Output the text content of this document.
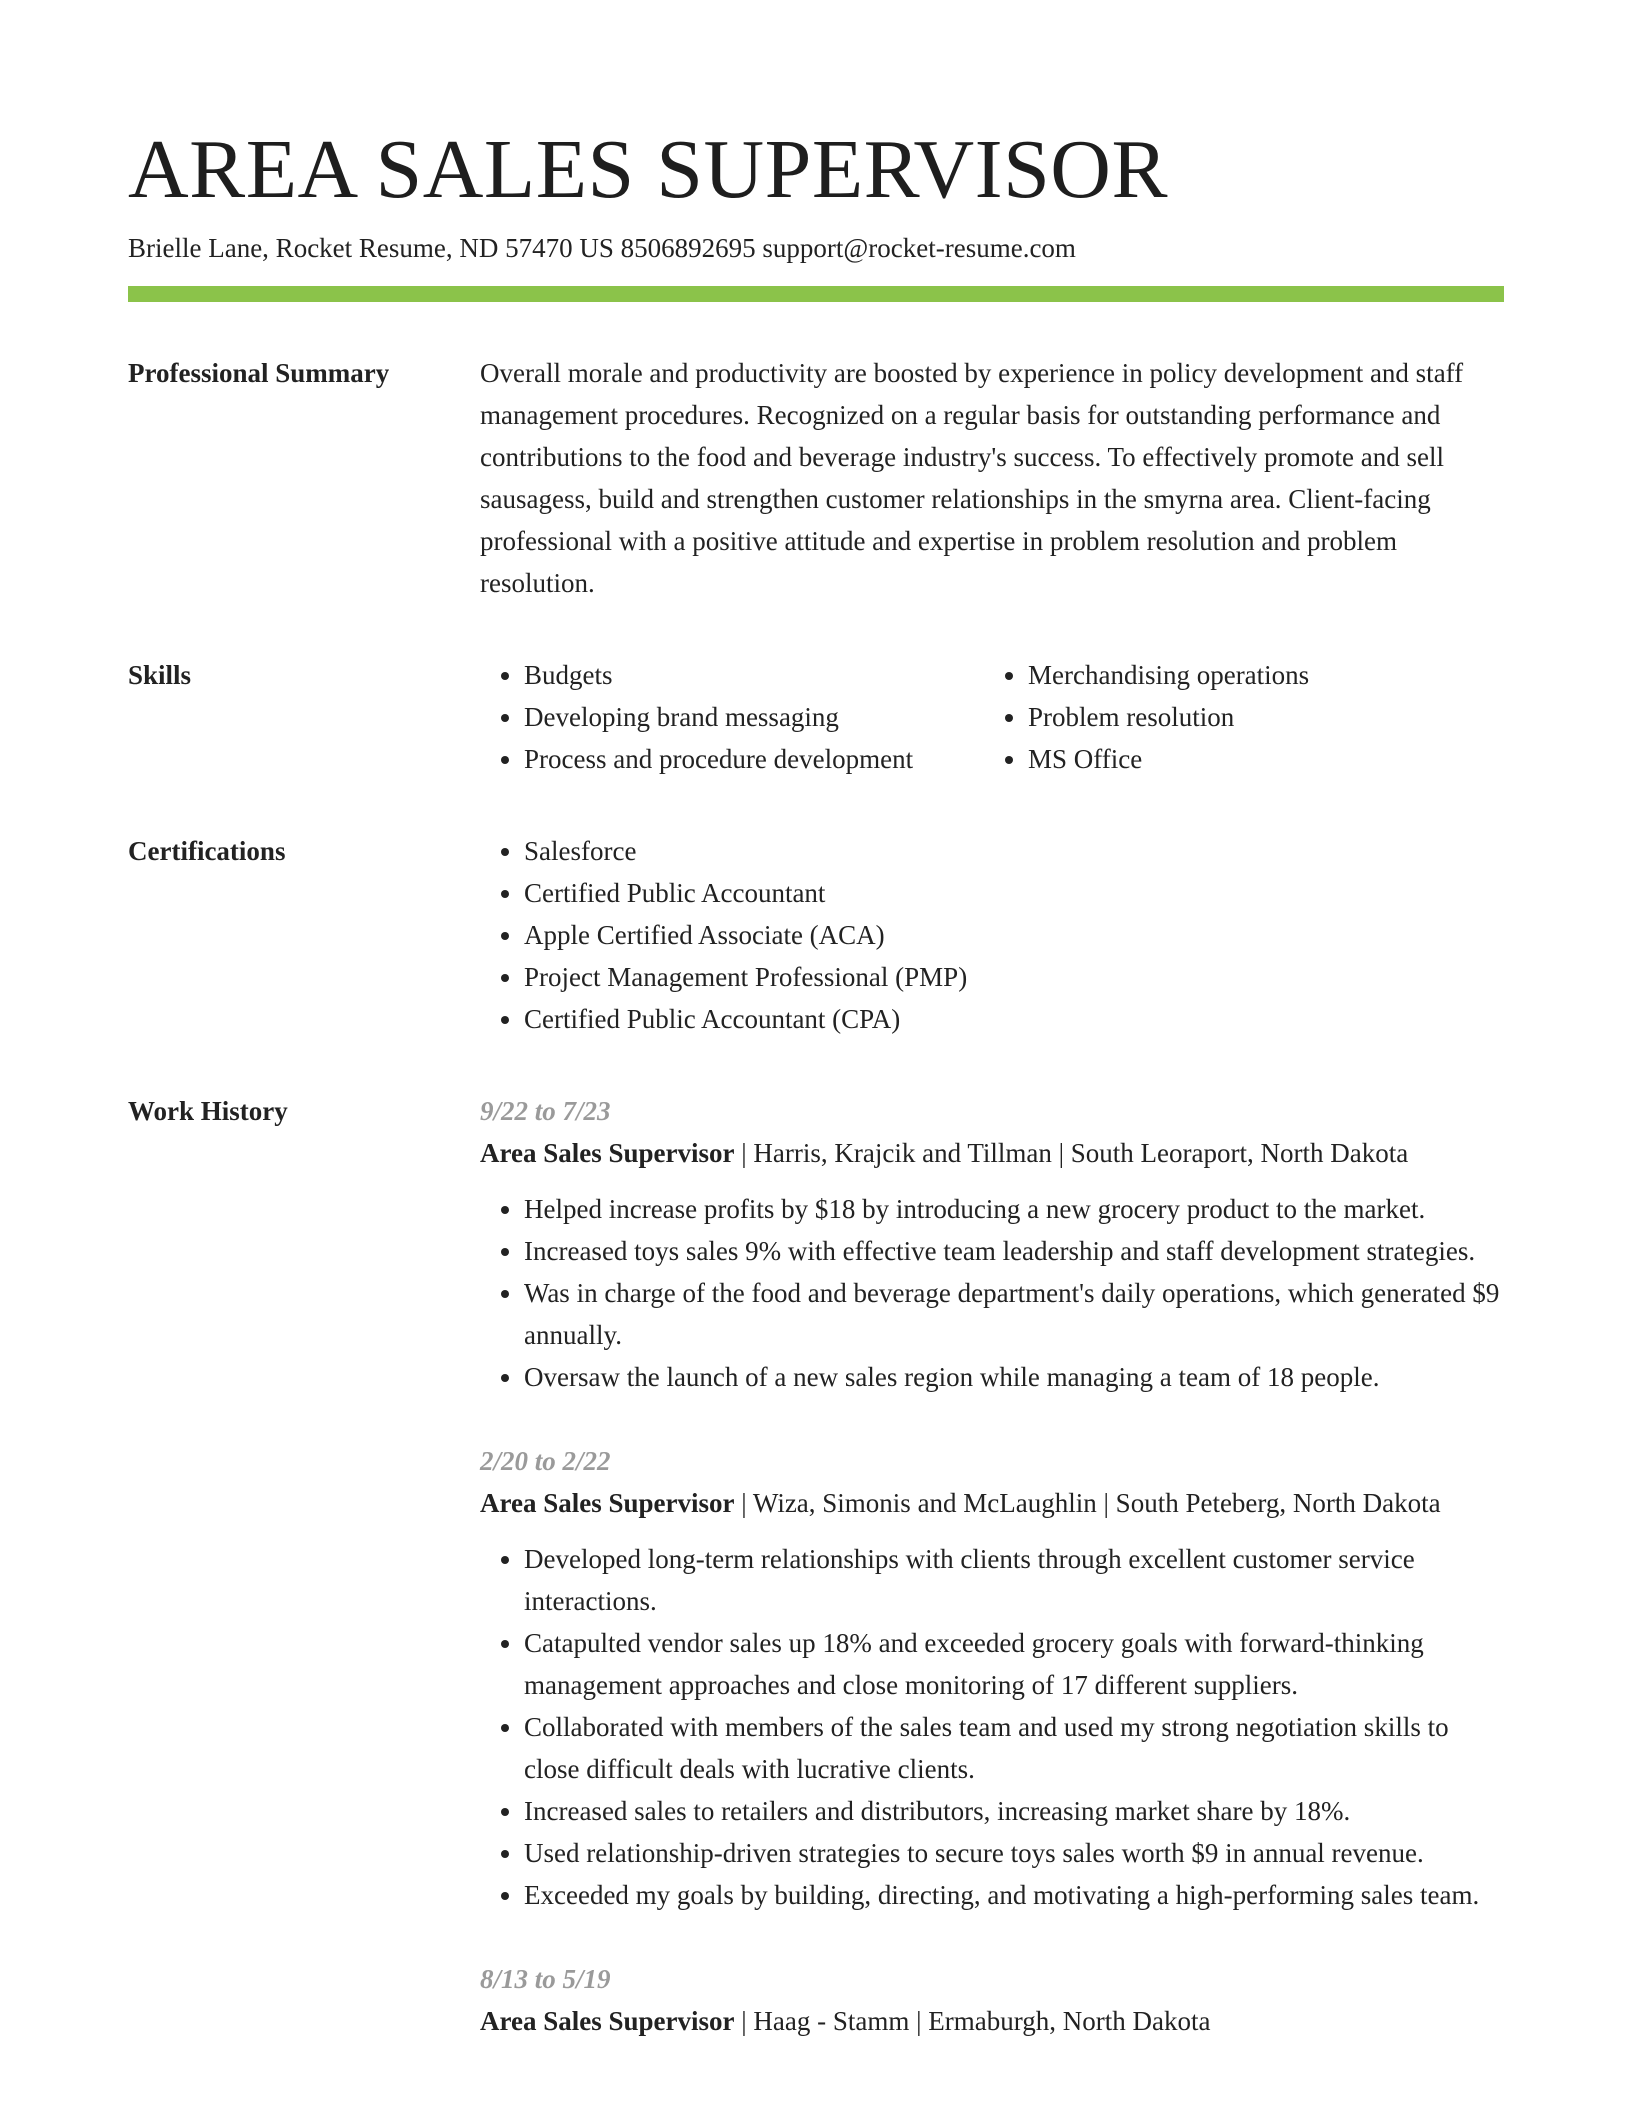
AREA SALES SUPERVISOR
Brielle Lane, Rocket Resume, ND 57470 US 8506892695 support@rocket-resume.com
Professional Summary	Overall morale and productivity are boosted by experience in policy development and staff management procedures. Recognized on a regular basis for outstanding performance and contributions to the food and beverage industry's success. To effectively promote and sell sausagess, build and strengthen customer relationships in the smyrna area. Client-facing professional with a positive attitude and expertise in problem resolution and problem resolution.

Skills	• Budgets
• Developing brand messaging
• Process and procedure development
• Merchandising operations
• Problem resolution
• MS Office
Certifications	• Salesforce
• Certified Public Accountant
• Apple Certified Associate (ACA)
• Project Management Professional (PMP)
• Certified Public Accountant (CPA)
Work History	9/22 to 7/23
Area Sales Supervisor | Harris, Krajcik and Tillman | South Leoraport, North Dakota
• Helped increase profits by $18 by introducing a new grocery product to the market.
• Increased toys sales 9% with effective team leadership and staff development strategies.
• Was in charge of the food and beverage department's daily operations, which generated $9 annually.
• Oversaw the launch of a new sales region while managing a team of 18 people.
2/20 to 2/22
Area Sales Supervisor | Wiza, Simonis and McLaughlin | South Peteberg, North Dakota
• Developed long-term relationships with clients through excellent customer service interactions.
• Catapulted vendor sales up 18% and exceeded grocery goals with forward-thinking management approaches and close monitoring of 17 different suppliers.
• Collaborated with members of the sales team and used my strong negotiation skills to close difficult deals with lucrative clients.
• Increased sales to retailers and distributors, increasing market share by 18%.
• Used relationship-driven strategies to secure toys sales worth $9 in annual revenue.
• Exceeded my goals by building, directing, and motivating a high-performing sales team.
8/13 to 5/19
Area Sales Supervisor | Haag - Stamm | Ermaburgh, North Dakota
